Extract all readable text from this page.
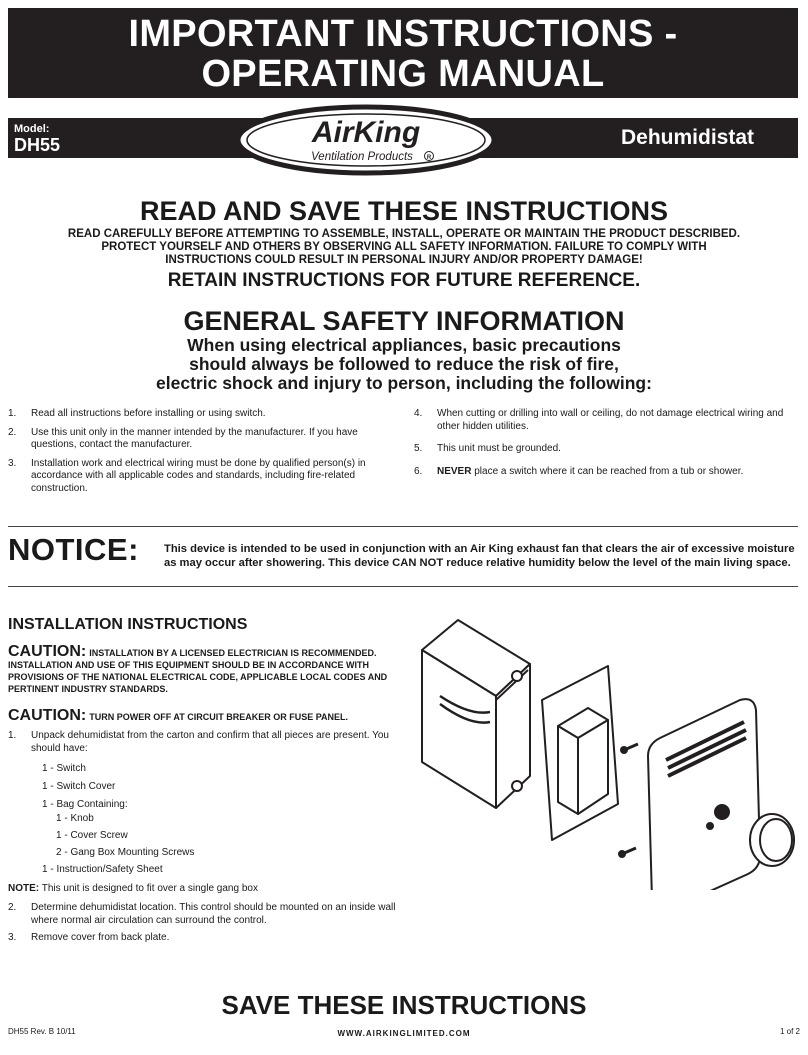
IMPORTANT INSTRUCTIONS -
OPERATING MANUAL
Model:
DH55	Dehumidistat
AirKing
Ventilation Products R
READ AND SAVE THESE INSTRUCTIONS
READ CAREFULLY BEFORE ATTEMPTING TO ASSEMBLE, INSTALL, OPERATE OR MAINTAIN THE PRODUCT DESCRIBED.
PROTECT YOURSELF AND OTHERS BY OBSERVING ALL SAFETY INFORMATION. FAILURE TO COMPLY WITH
INSTRUCTIONS COULD RESULT IN PERSONAL INJURY AND/OR PROPERTY DAMAGE!
RETAIN INSTRUCTIONS FOR FUTURE REFERENCE.
GENERAL SAFETY INFORMATION
When using electrical appliances, basic precautions
should always be followed to reduce the risk of fire,
electric shock and injury to person, including the following:
1.	Read all instructions before installing or using switch.
2.	Use this unit only in the manner intended by the manufacturer. If you have questions, contact the manufacturer.
3.	Installation work and electrical wiring must be done by qualified person(s) in accordance with all applicable codes and standards, including fire-related construction.
4.	When cutting or drilling into wall or ceiling, do not damage electrical wiring and other hidden utilities.
5.	This unit must be grounded.
6.	NEVER place a switch where it can be reached from a tub or shower.
NOTICE: This device is intended to be used in conjunction with an Air King exhaust fan that clears the air of excessive moisture
as may occur after showering. This device CAN NOT reduce relative humidity below the level of the main living space.
INSTALLATION INSTRUCTIONS
CAUTION: INSTALLATION BY A LICENSED ELECTRICIAN IS RECOMMENDED.
INSTALLATION AND USE OF THIS EQUIPMENT SHOULD BE IN ACCORDANCE WITH PROVISIONS OF THE NATIONAL ELECTRICAL CODE, APPLICABLE LOCAL CODES AND PERTINENT INDUSTRY STANDARDS.
CAUTION: TURN POWER OFF AT CIRCUIT BREAKER OR FUSE PANEL.
1.	Unpack dehumidistat from the carton and confirm that all pieces are present. You should have:
1 - Switch
1 - Switch Cover
1 - Bag Containing:
1 - Knob
1 - Cover Screw
2 - Gang Box Mounting Screws
1 - Instruction/Safety Sheet
NOTE: This unit is designed to fit over a single gang box
2.	Determine dehumidistat location. This control should be mounted on an inside wall where normal air circulation can surround the control.
3.	Remove cover from back plate.
SAVE THESE INSTRUCTIONS
DH55 Rev. B 10/11	WWW.AIRKINGLIMITED.COM	1 of 2
